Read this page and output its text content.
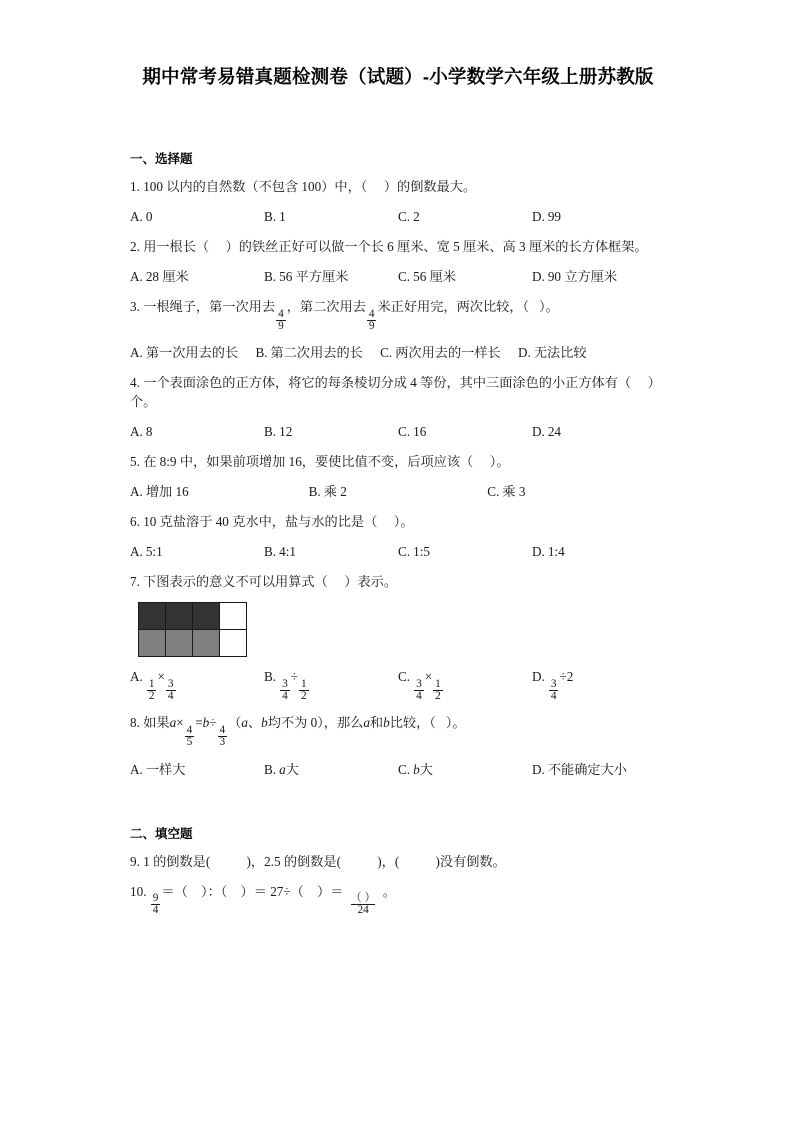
期中常考易错真题检测卷（试题）-小学数学六年级上册苏教版
一、选择题
1. 100 以内的自然数（不包含 100）中，（ ）的倒数最大。
A. 0	B. 1	C. 2	D. 99
2. 用一根长（ ）的铁丝正好可以做一个长 6 厘米、宽 5 厘米、高 3 厘米的长方体框架。
A. 28 厘米	B. 56 平方厘米	C. 56 厘米	D. 90 立方厘米
3. 一根绳子，第一次用去
$\frac{4}{9}$
，第二次用去
$\frac{4}{9}$
米正好用完，两次比较，（ ）。
A. 第一次用去的长 B. 第二次用去的长 C. 两次用去的一样长 D. 无法比较
4. 一个表面涂色的正方体，将它的每条棱切分成 4 等份，其中三面涂色的小正方体有（ ）个。
A. 8	B. 12	C. 16	D. 24
5. 在 8:9 中，如果前项增加 16，要使比值不变，后项应该（ ）。
A. 增加 16	B. 乘 2	C. 乘 3
6. 10 克盐溶于 40 克水中，盐与水的比是（ ）。
A. 5:1	B. 4:1	C. 1:5	D. 1:4
7. 下图表示的意义不可以用算式（ ）表示。

A.
$\frac{1}{2}$
×
$\frac{3}{4}$
B.
$\frac{3}{4}$
÷
$\frac{1}{2}$
C.
$\frac{3}{4}$
×
$\frac{1}{2}$
D.
$\frac{3}{4}$
÷2
8. 如果a×
$\frac{4}{5}$
=b÷
$\frac{4}{3}$
（a、b均不为 0），那么a和b比较，（ ）。
A. 一样大	B. a大	C. b大	D. 不能确定大小
二、填空题
9. 1 的倒数是(	)，2.5 的倒数是(	)，(	)没有倒数。
10.
$\frac{9}{4}$
＝（ ）：（ ）＝ 27÷（ ）＝
$\frac{( )}{24}$
。
